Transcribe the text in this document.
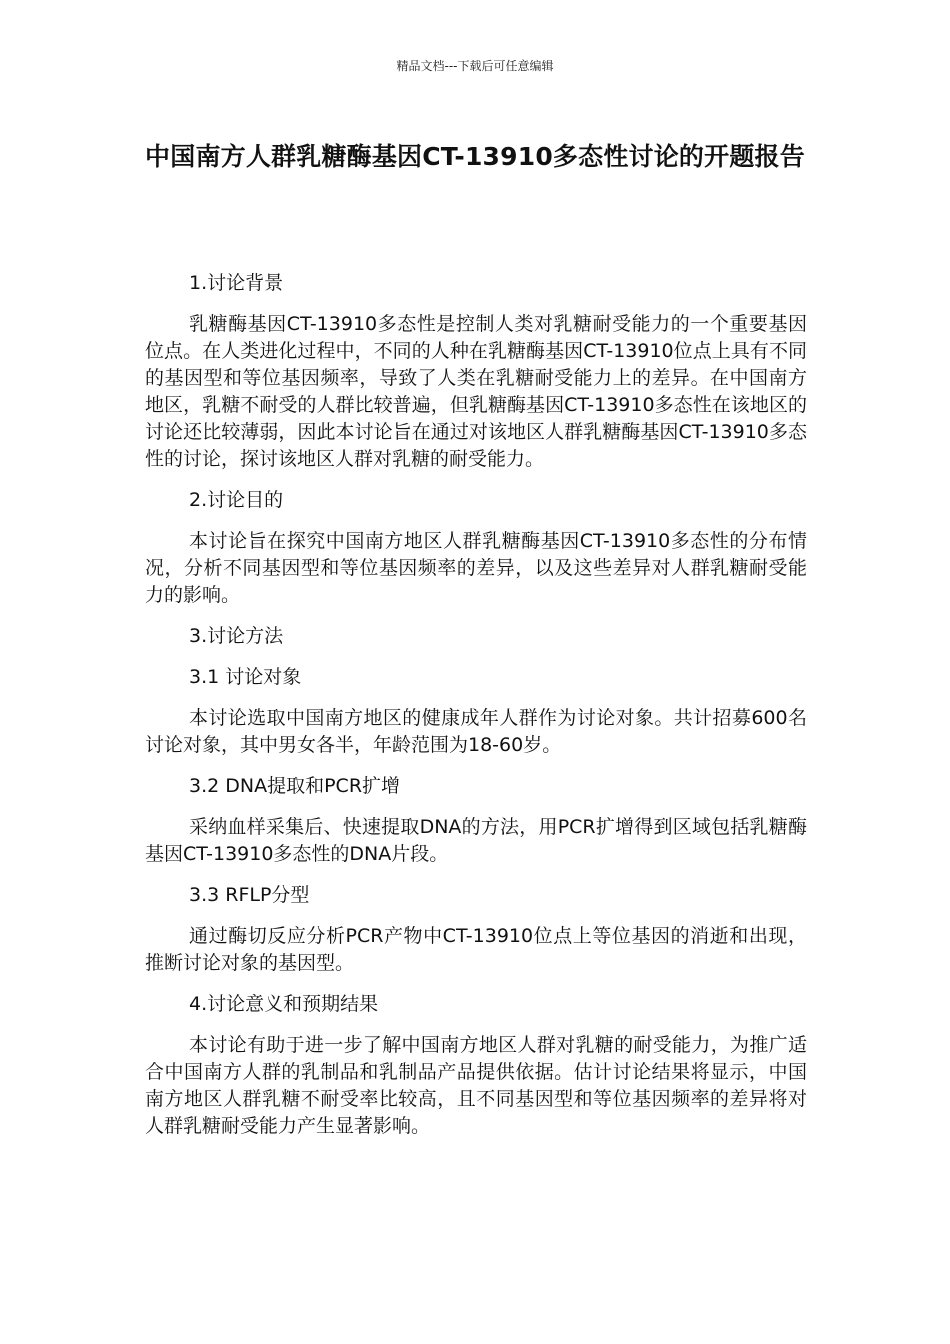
精品文档---下载后可任意编辑
中国南方人群乳糖酶基因CT-13910多态性讨论的开题报告

1.讨论背景

乳糖酶基因CT-13910多态性是控制人类对乳糖耐受能力的一个重要基因位点。在人类进化过程中，不同的人种在乳糖酶基因CT-13910位点上具有不同的基因型和等位基因频率，导致了人类在乳糖耐受能力上的差异。在中国南方地区，乳糖不耐受的人群比较普遍，但乳糖酶基因CT-13910多态性在该地区的讨论还比较薄弱，因此本讨论旨在通过对该地区人群乳糖酶基因CT-13910多态性的讨论，探讨该地区人群对乳糖的耐受能力。

2.讨论目的

本讨论旨在探究中国南方地区人群乳糖酶基因CT-13910多态性的分布情况，分析不同基因型和等位基因频率的差异，以及这些差异对人群乳糖耐受能力的影响。

3.讨论方法

3.1 讨论对象

本讨论选取中国南方地区的健康成年人群作为讨论对象。共计招募600名讨论对象，其中男女各半，年龄范围为18-60岁。

3.2 DNA提取和PCR扩增

采纳血样采集后、快速提取DNA的方法，用PCR扩增得到区域包括乳糖酶基因CT-13910多态性的DNA片段。

3.3 RFLP分型

通过酶切反应分析PCR产物中CT-13910位点上等位基因的消逝和出现，推断讨论对象的基因型。

4.讨论意义和预期结果

本讨论有助于进一步了解中国南方地区人群对乳糖的耐受能力，为推广适合中国南方人群的乳制品和乳制品产品提供依据。估计讨论结果将显示，中国南方地区人群乳糖不耐受率比较高，且不同基因型和等位基因频率的差异将对人群乳糖耐受能力产生显著影响。
